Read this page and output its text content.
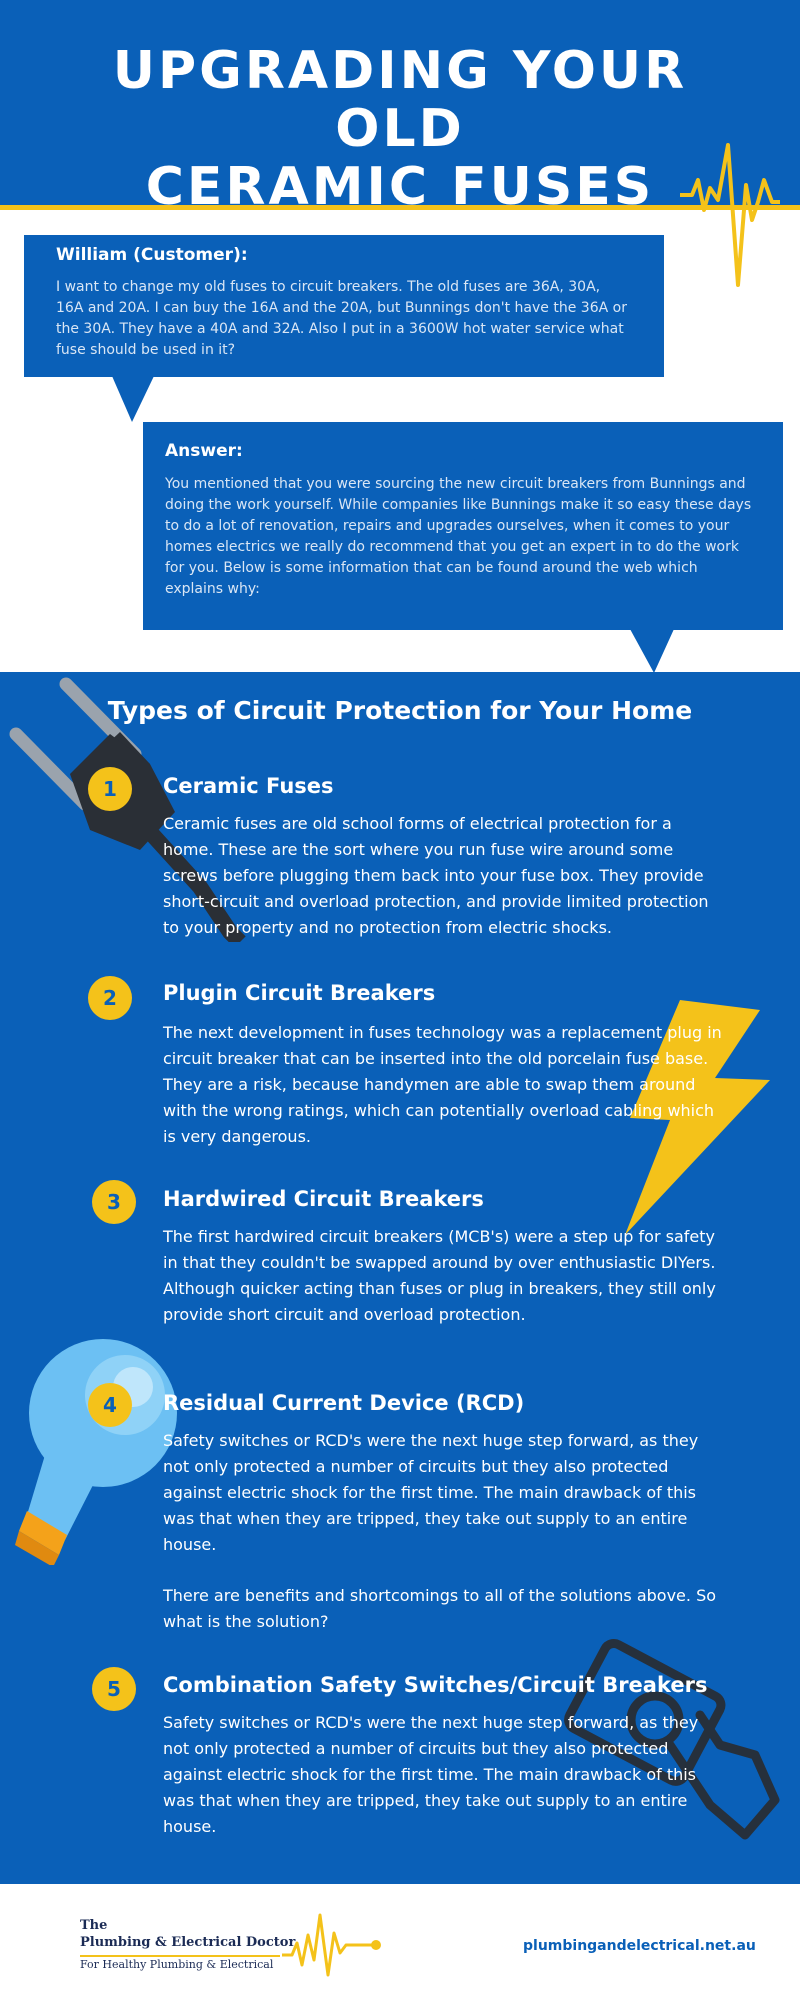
UPGRADING YOUR OLD
CERAMIC FUSES
William (Customer):
I want to change my old fuses to circuit breakers. The old fuses are 36A, 30A, 16A and 20A. I can buy the 16A and the 20A, but Bunnings don't have the 36A or the 30A. They have a 40A and 32A. Also I put in a 3600W hot water service what fuse should be used in it?
Answer:
You mentioned that you were sourcing the new circuit breakers from Bunnings and doing the work yourself. While companies like Bunnings make it so easy these days to do a lot of renovation, repairs and upgrades ourselves, when it comes to your homes electrics we really do recommend that you get an expert in to do the work for you. Below is some information that can be found around the web which explains why:
Types of Circuit Protection for Your Home
1	Ceramic Fuses
Ceramic fuses are old school forms of electrical protection for a home. These are the sort where you run fuse wire around some screws before plugging them back into your fuse box. They provide short-circuit and overload protection, and provide limited protection to your property and no protection from electric shocks.
2	Plugin Circuit Breakers
The next development in fuses technology was a replacement plug in circuit breaker that can be inserted into the old porcelain fuse base. They are a risk, because handymen are able to swap them around with the wrong ratings, which can potentially overload cabling which is very dangerous.
3	Hardwired Circuit Breakers
The first hardwired circuit breakers (MCB's) were a step up for safety in that they couldn't be swapped around by over enthusiastic DIYers. Although quicker acting than fuses or plug in breakers, they still only provide short circuit and overload protection.
4	Residual Current Device (RCD)
Safety switches or RCD's were the next huge step forward, as they not only protected a number of circuits but they also protected against electric shock for the first time. The main drawback of this was that when they are tripped, they take out supply to an entire house.
There are benefits and shortcomings to all of the solutions above. So what is the solution?
5	Combination Safety Switches/Circuit Breakers
Safety switches or RCD's were the next huge step forward, as they not only protected a number of circuits but they also protected against electric shock for the first time. The main drawback of this was that when they are tripped, they take out supply to an entire house.
The
Plumbing & Electrical Doctor
For Healthy Plumbing & Electrical
plumbingandelectrical.net.au
